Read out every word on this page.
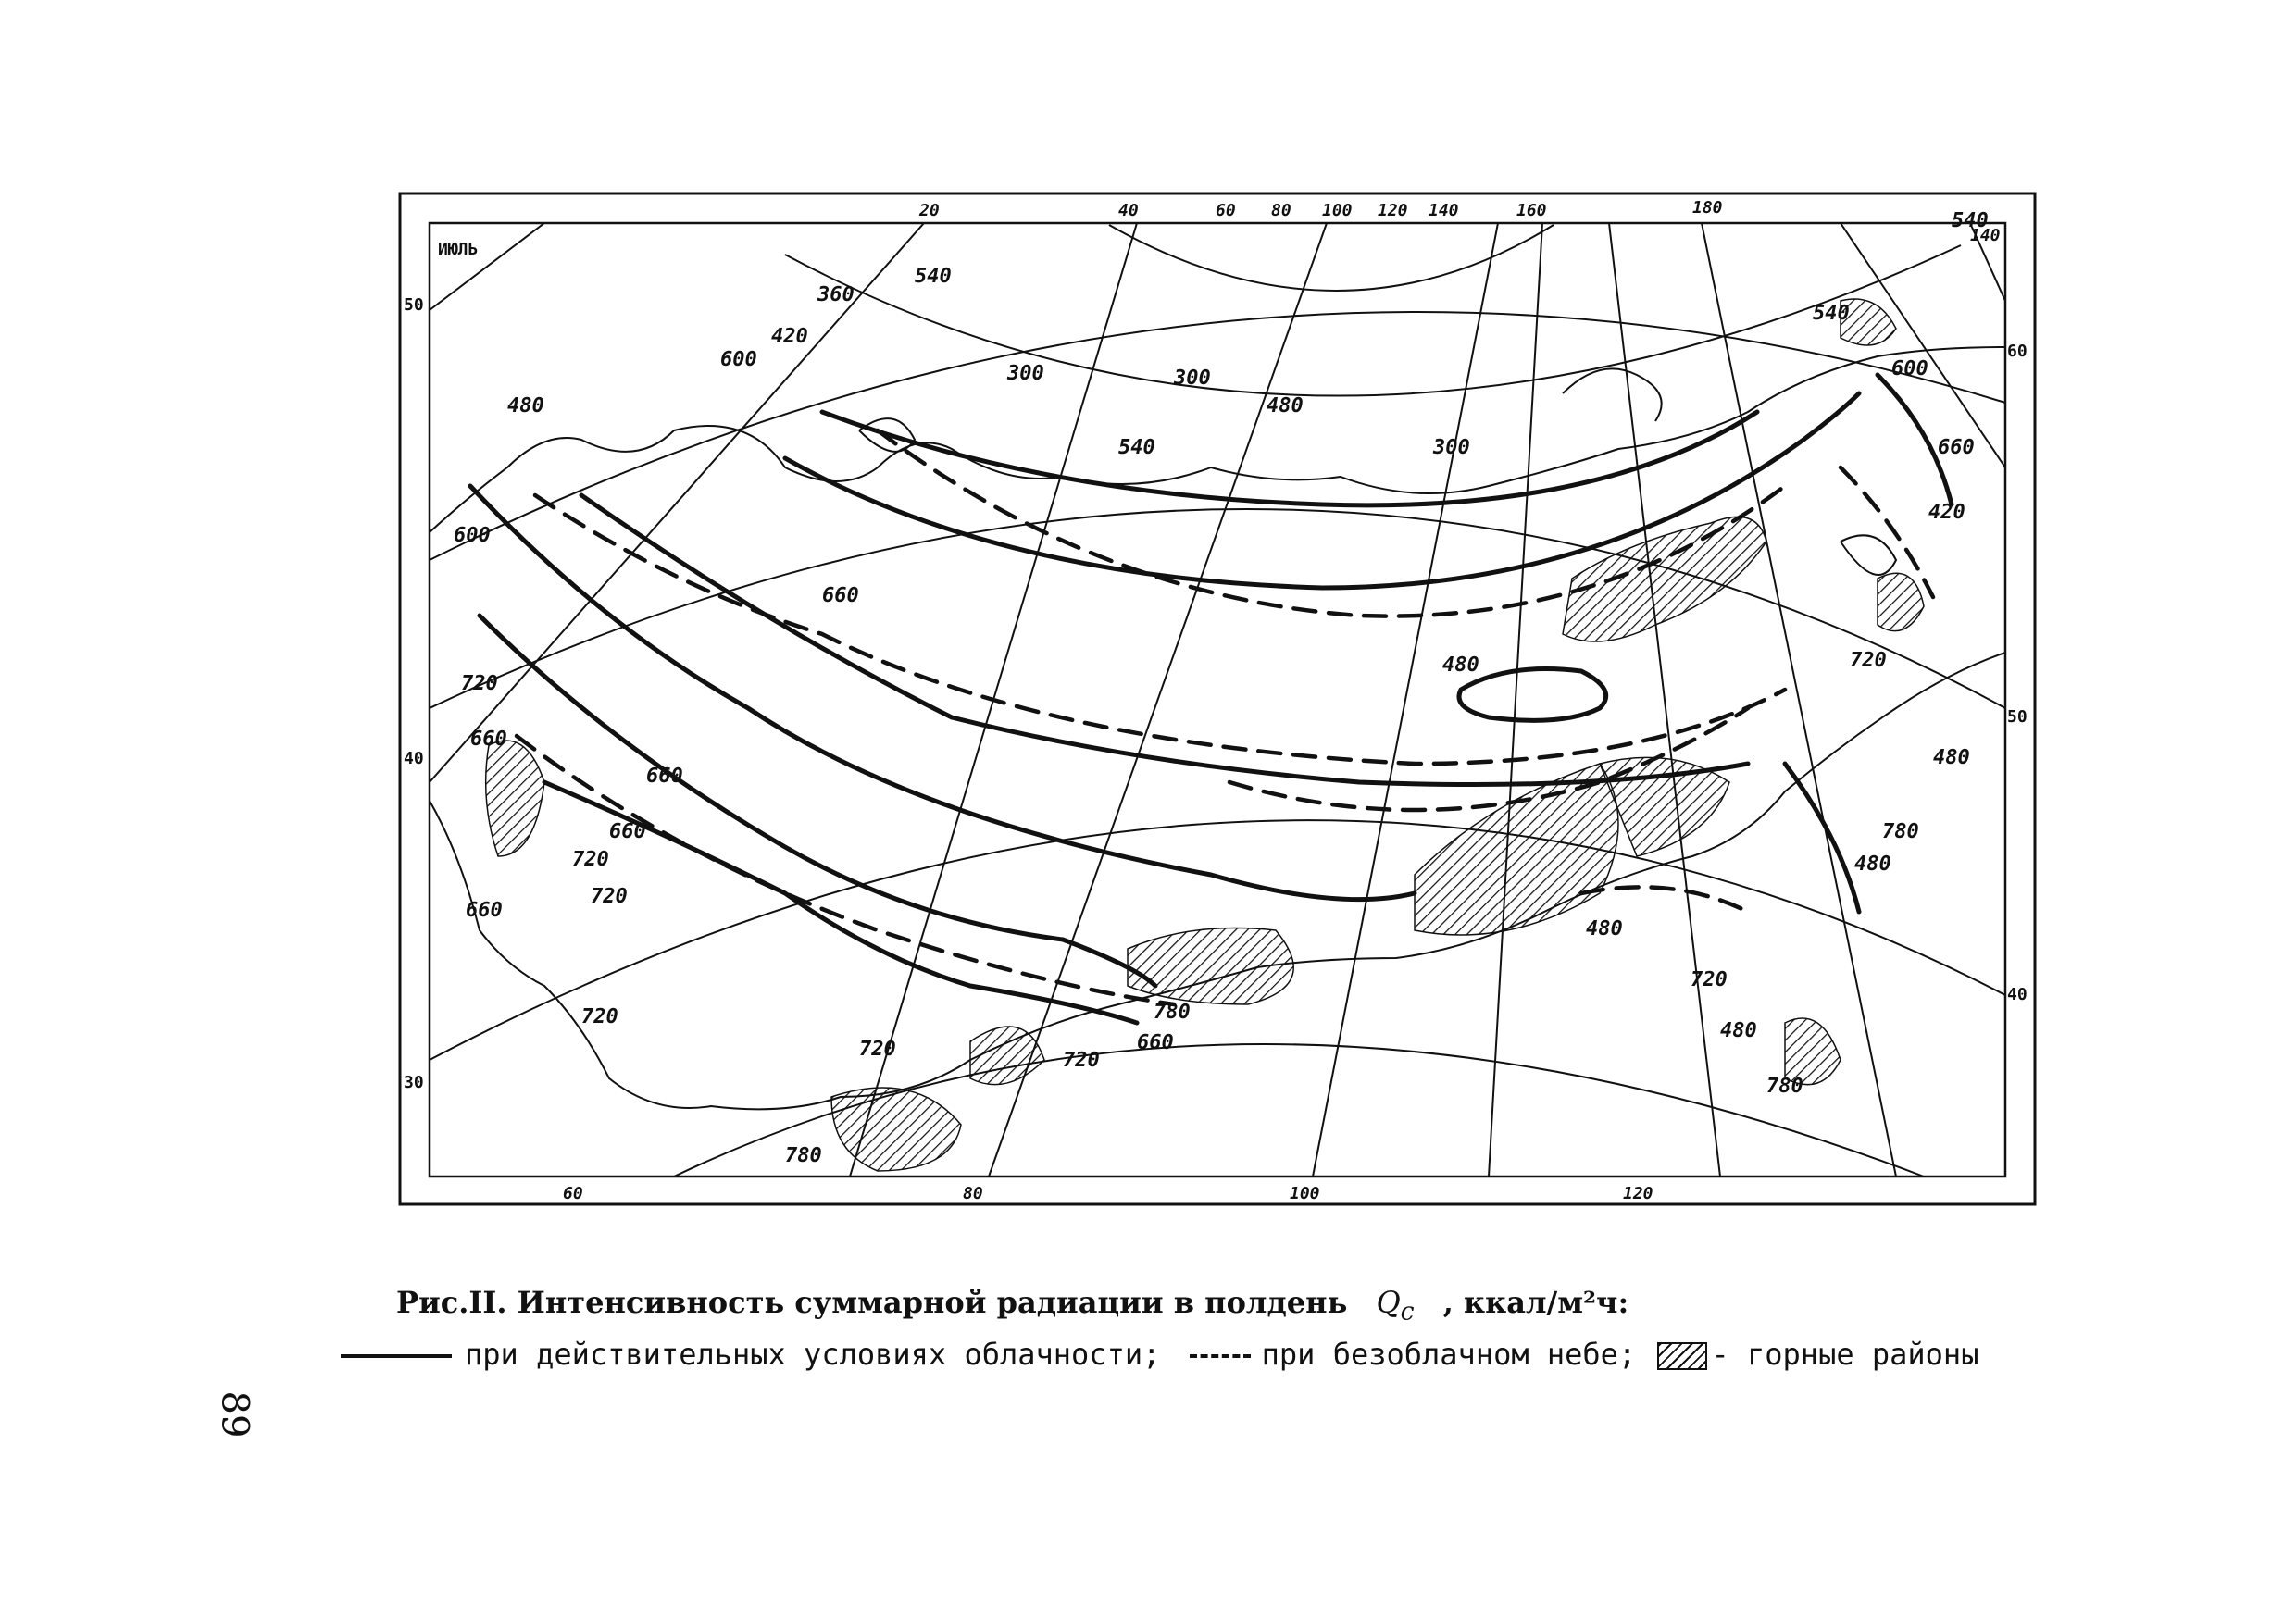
ИЮЛЬ
20	40	60 80 100 120 140	160	180
140
60	80	100	120
50
40
30
60
50
40
300	300
300
360
420
420
480
480
480
480
480
480
480
540
540
540
540
600
600
600
660
660
660
660
660
660
660
720
720
720
720
720	720
720
720
780
780
780
780
Рис.II. Интенсивность суммарной радиации в полдень $Q_c$ , ккал/м²ч:
при действительных условиях облачности;	при безоблачном небе;	- горные районы
89
